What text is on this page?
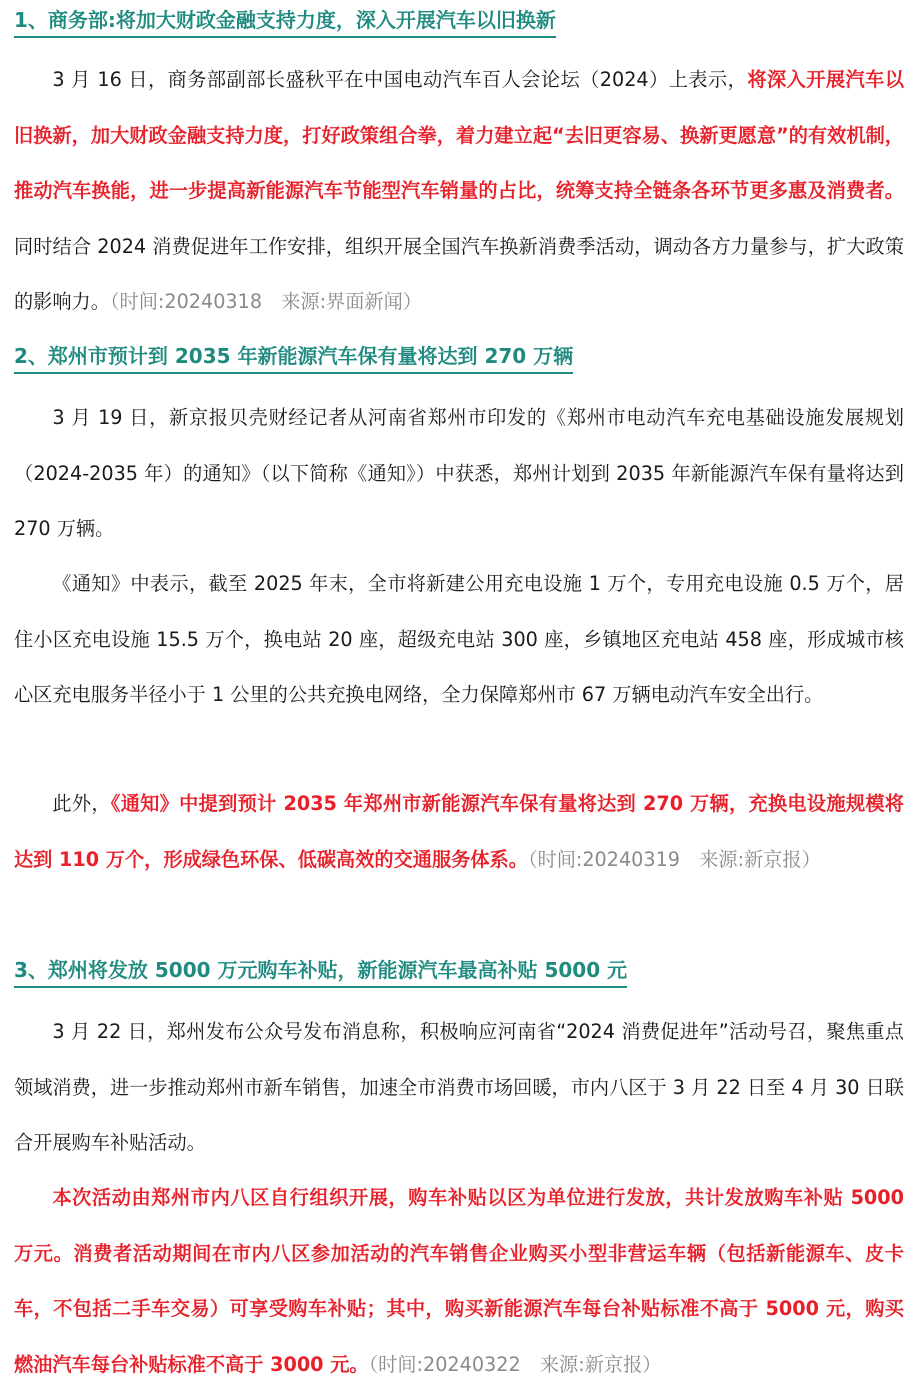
1、商务部:将加大财政金融支持力度，深入开展汽车以旧换新
3 月 16 日，商务部副部长盛秋平在中国电动汽车百人会论坛（2024）上表示，将深入开展汽车以旧换新，加大财政金融支持力度，打好政策组合拳，着力建立起“去旧更容易、换新更愿意”的有效机制，推动汽车换能，进一步提高新能源汽车节能型汽车销量的占比，统筹支持全链条各环节更多惠及消费者。同时结合 2024 消费促进年工作安排，组织开展全国汽车换新消费季活动，调动各方力量参与，扩大政策的影响力。（时间:20240318　来源:界面新闻）
2、郑州市预计到 2035 年新能源汽车保有量将达到 270 万辆
3 月 19 日，新京报贝壳财经记者从河南省郑州市印发的《郑州市电动汽车充电基础设施发展规划（2024-2035 年）的通知》（以下简称《通知》）中获悉，郑州计划到 2035 年新能源汽车保有量将达到 270 万辆。
《通知》中表示，截至 2025 年末，全市将新建公用充电设施 1 万个，专用充电设施 0.5 万个，居住小区充电设施 15.5 万个，换电站 20 座，超级充电站 300 座，乡镇地区充电站 458 座，形成城市核心区充电服务半径小于 1 公里的公共充换电网络，全力保障郑州市 67 万辆电动汽车安全出行。
此外，《通知》中提到预计 2035 年郑州市新能源汽车保有量将达到 270 万辆，充换电设施规模将达到 110 万个，形成绿色环保、低碳高效的交通服务体系。（时间:20240319　来源:新京报）
3、郑州将发放 5000 万元购车补贴，新能源汽车最高补贴 5000 元
3 月 22 日，郑州发布公众号发布消息称，积极响应河南省“2024 消费促进年”活动号召，聚焦重点领域消费，进一步推动郑州市新车销售，加速全市消费市场回暖，市内八区于 3 月 22 日至 4 月 30 日联合开展购车补贴活动。
本次活动由郑州市内八区自行组织开展，购车补贴以区为单位进行发放，共计发放购车补贴 5000 万元。消费者活动期间在市内八区参加活动的汽车销售企业购买小型非营运车辆（包括新能源车、皮卡车，不包括二手车交易）可享受购车补贴；其中，购买新能源汽车每台补贴标准不高于 5000 元，购买燃油汽车每台补贴标准不高于 3000 元。（时间:20240322　来源:新京报）
